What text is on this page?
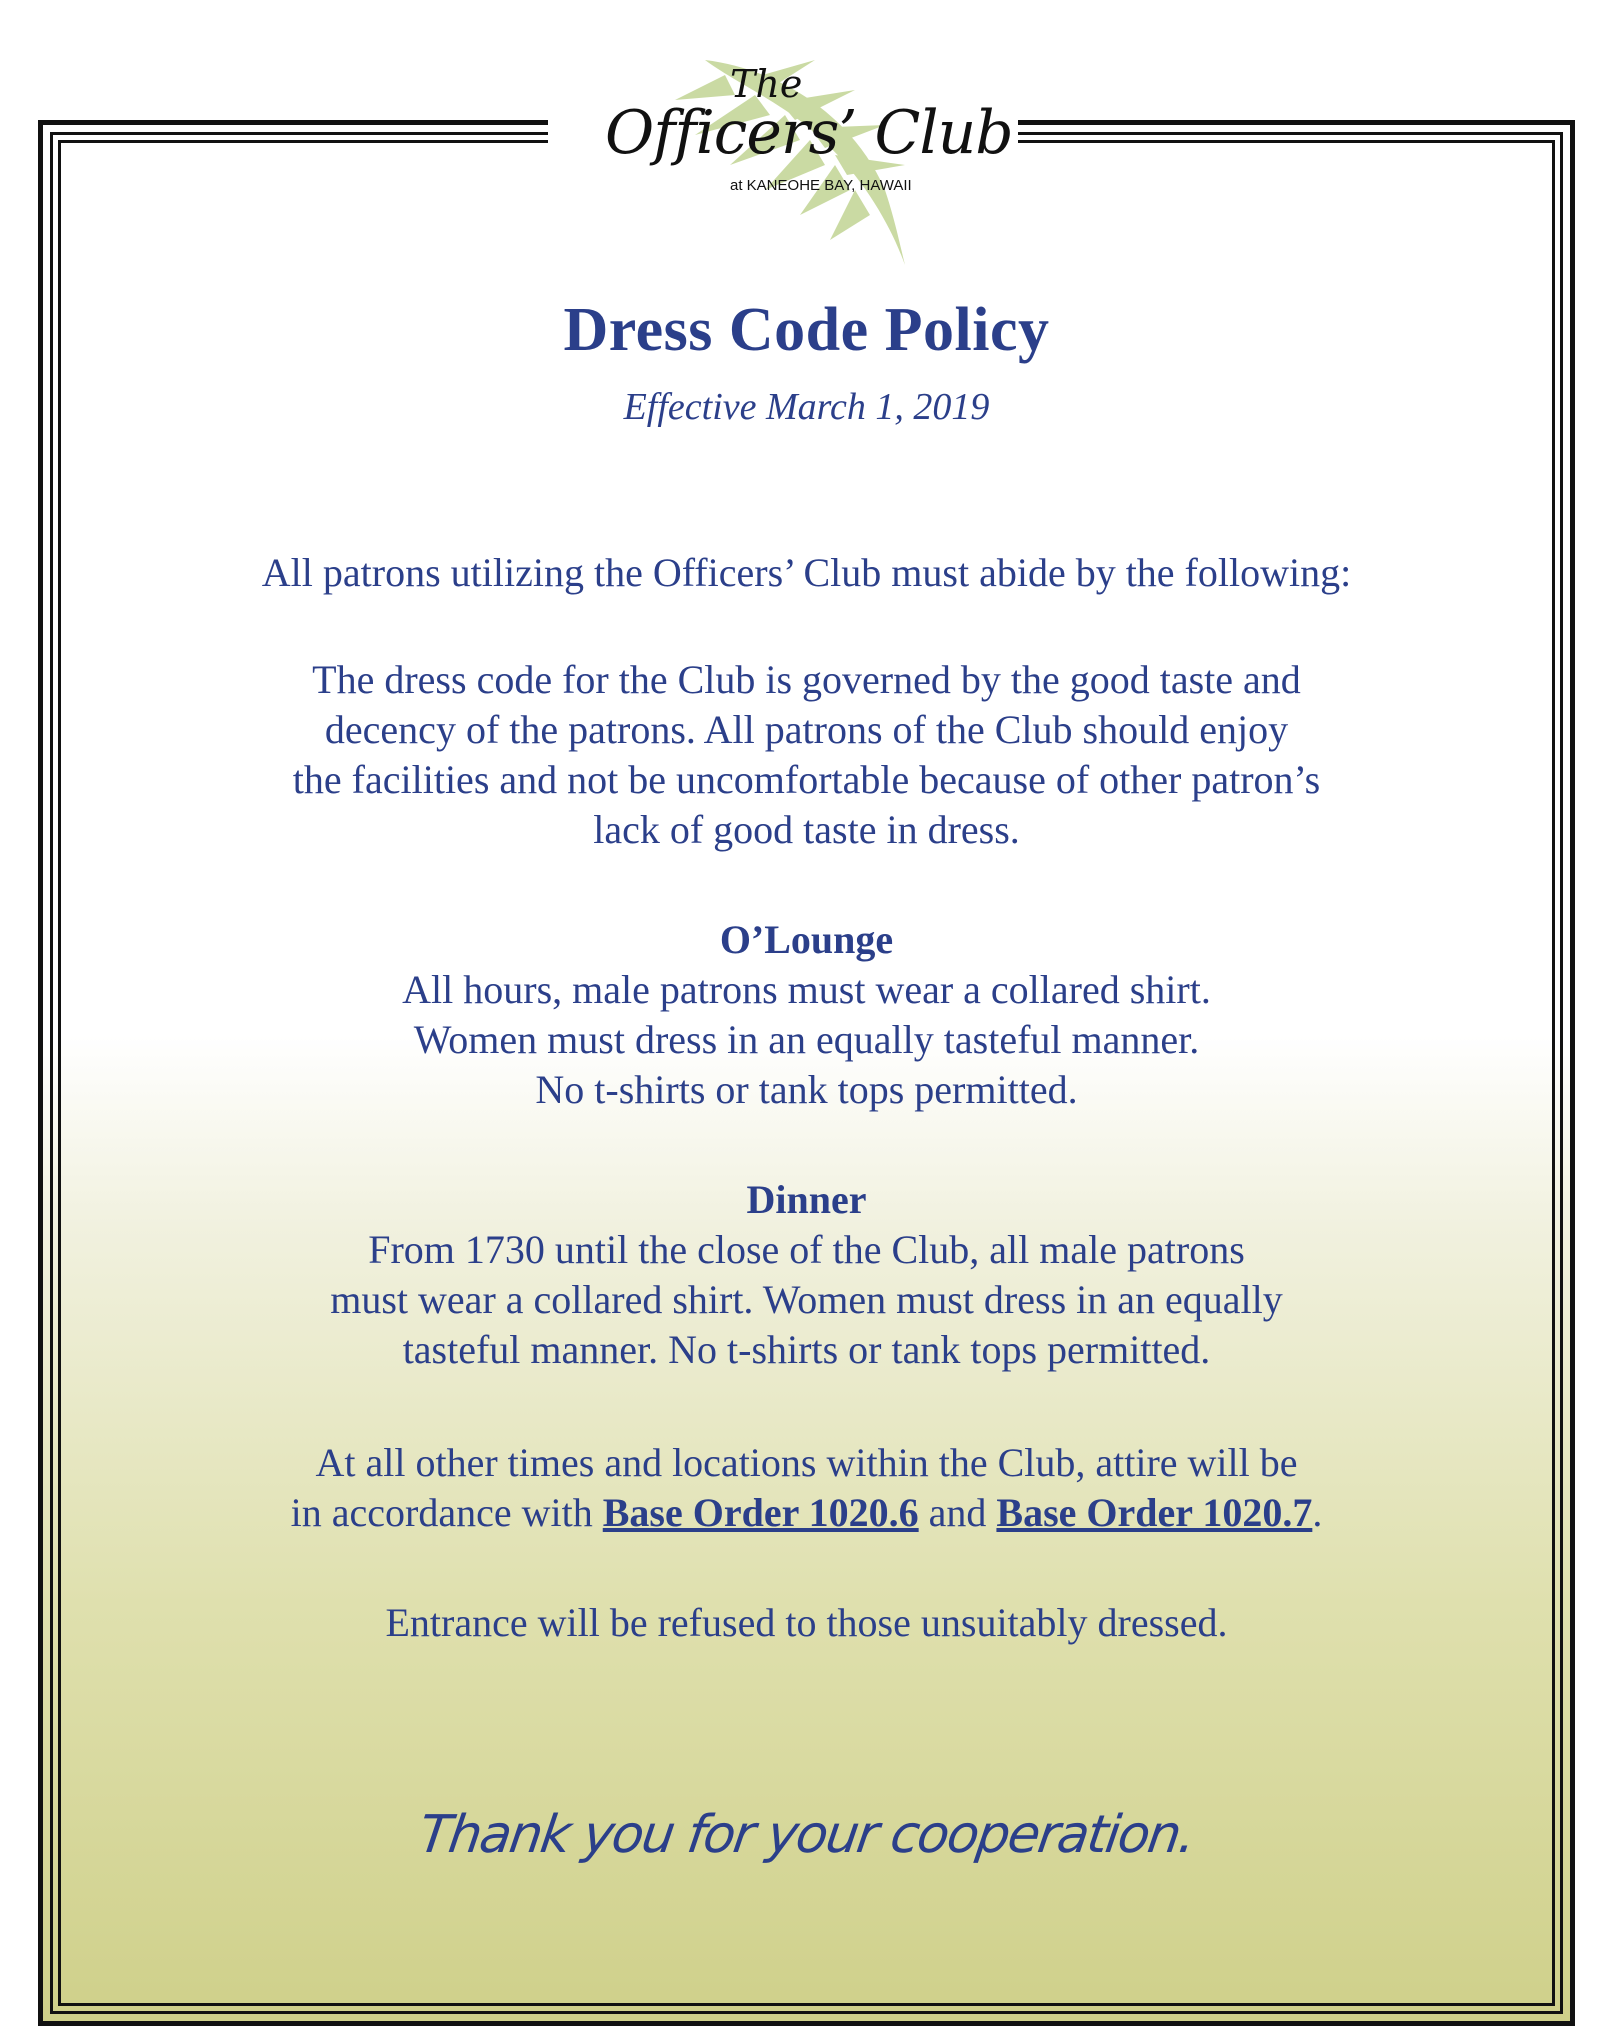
The
Officers’ Club
at KANEOHE BAY, HAWAII
Dress Code Policy
Effective March 1, 2019
All patrons utilizing the Officers’ Club must abide by the following:
The dress code for the Club is governed by the good taste and
decency of the patrons. All patrons of the Club should enjoy
the facilities and not be uncomfortable because of other patron’s
lack of good taste in dress.
O’Lounge
All hours, male patrons must wear a collared shirt.
Women must dress in an equally tasteful manner.
No t-shirts or tank tops permitted.
Dinner
From 1730 until the close of the Club, all male patrons
must wear a collared shirt. Women must dress in an equally
tasteful manner. No t-shirts or tank tops permitted.
At all other times and locations within the Club, attire will be
in accordance with Base Order 1020.6 and Base Order 1020.7.
Entrance will be refused to those unsuitably dressed.
Thank you for your cooperation.
